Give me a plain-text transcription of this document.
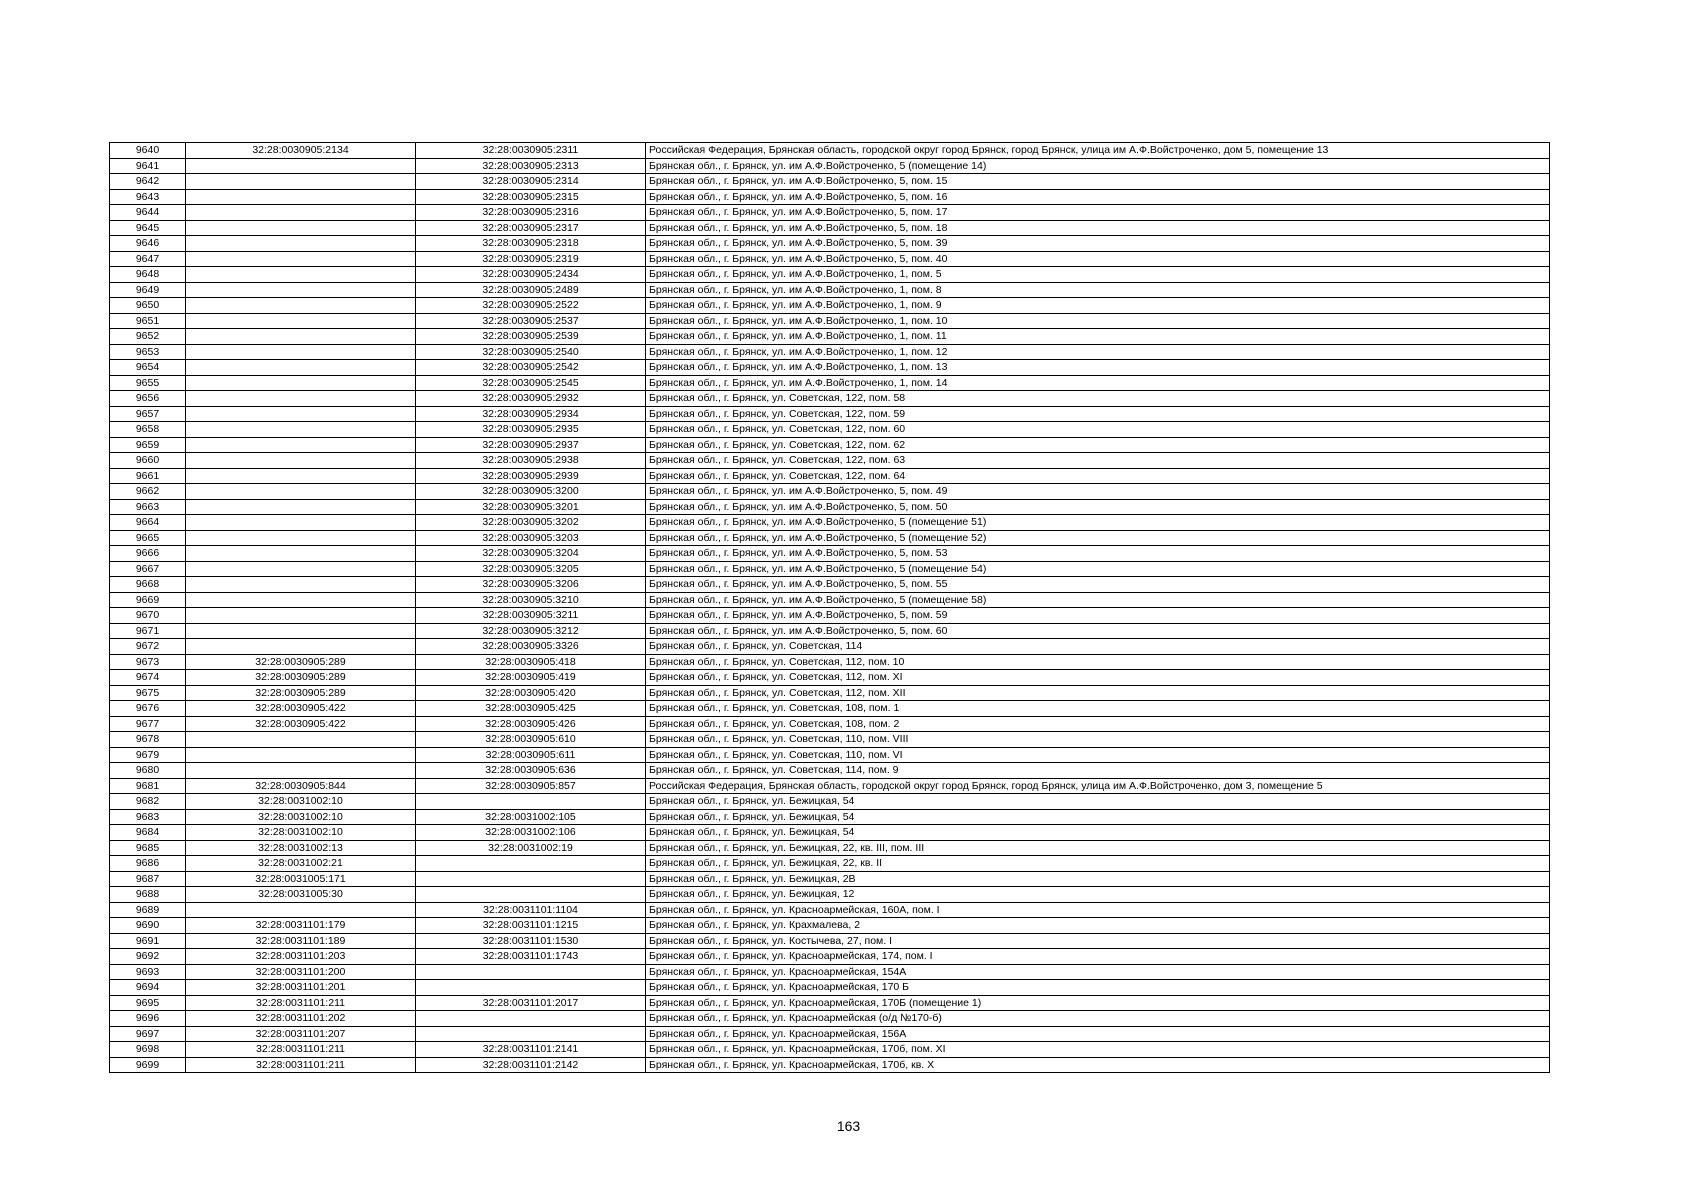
9640	32:28:0030905:2134	32:28:0030905:2311	Российская Федерация, Брянская область, городской округ город Брянск, город Брянск, улица им А.Ф.Войстроченко, дом 5, помещение 13
9641		32:28:0030905:2313	Брянская обл., г. Брянск, ул. им А.Ф.Войстроченко, 5 (помещение 14)
9642		32:28:0030905:2314	Брянская обл., г. Брянск, ул. им А.Ф.Войстроченко, 5, пом. 15
9643		32:28:0030905:2315	Брянская обл., г. Брянск, ул. им А.Ф.Войстроченко, 5, пом. 16
9644		32:28:0030905:2316	Брянская обл., г. Брянск, ул. им А.Ф.Войстроченко, 5, пом. 17
9645		32:28:0030905:2317	Брянская обл., г. Брянск, ул. им А.Ф.Войстроченко, 5, пом. 18
9646		32:28:0030905:2318	Брянская обл., г. Брянск, ул. им А.Ф.Войстроченко, 5, пом. 39
9647		32:28:0030905:2319	Брянская обл., г. Брянск, ул. им А.Ф.Войстроченко, 5, пом. 40
9648		32:28:0030905:2434	Брянская обл., г. Брянск, ул. им А.Ф.Войстроченко, 1, пом. 5
9649		32:28:0030905:2489	Брянская обл., г. Брянск, ул. им А.Ф.Войстроченко, 1, пом. 8
9650		32:28:0030905:2522	Брянская обл., г. Брянск, ул. им А.Ф.Войстроченко, 1, пом. 9
9651		32:28:0030905:2537	Брянская обл., г. Брянск, ул. им А.Ф.Войстроченко, 1, пом. 10
9652		32:28:0030905:2539	Брянская обл., г. Брянск, ул. им А.Ф.Войстроченко, 1, пом. 11
9653		32:28:0030905:2540	Брянская обл., г. Брянск, ул. им А.Ф.Войстроченко, 1, пом. 12
9654		32:28:0030905:2542	Брянская обл., г. Брянск, ул. им А.Ф.Войстроченко, 1, пом. 13
9655		32:28:0030905:2545	Брянская обл., г. Брянск, ул. им А.Ф.Войстроченко, 1, пом. 14
9656		32:28:0030905:2932	Брянская обл., г. Брянск, ул. Советская, 122, пом. 58
9657		32:28:0030905:2934	Брянская обл., г. Брянск, ул. Советская, 122, пом. 59
9658		32:28:0030905:2935	Брянская обл., г. Брянск, ул. Советская, 122, пом. 60
9659		32:28:0030905:2937	Брянская обл., г. Брянск, ул. Советская, 122, пом. 62
9660		32:28:0030905:2938	Брянская обл., г. Брянск, ул. Советская, 122, пом. 63
9661		32:28:0030905:2939	Брянская обл., г. Брянск, ул. Советская, 122, пом. 64
9662		32:28:0030905:3200	Брянская обл., г. Брянск, ул. им А.Ф.Войстроченко, 5, пом. 49
9663		32:28:0030905:3201	Брянская обл., г. Брянск, ул. им А.Ф.Войстроченко, 5, пом. 50
9664		32:28:0030905:3202	Брянская обл., г. Брянск, ул. им А.Ф.Войстроченко, 5 (помещение 51)
9665		32:28:0030905:3203	Брянская обл., г. Брянск, ул. им А.Ф.Войстроченко, 5 (помещение 52)
9666		32:28:0030905:3204	Брянская обл., г. Брянск, ул. им А.Ф.Войстроченко, 5, пом. 53
9667		32:28:0030905:3205	Брянская обл., г. Брянск, ул. им А.Ф.Войстроченко, 5 (помещение 54)
9668		32:28:0030905:3206	Брянская обл., г. Брянск, ул. им А.Ф.Войстроченко, 5, пом. 55
9669		32:28:0030905:3210	Брянская обл., г. Брянск, ул. им А.Ф.Войстроченко, 5 (помещение 58)
9670		32:28:0030905:3211	Брянская обл., г. Брянск, ул. им А.Ф.Войстроченко, 5, пом. 59
9671		32:28:0030905:3212	Брянская обл., г. Брянск, ул. им А.Ф.Войстроченко, 5, пом. 60
9672		32:28:0030905:3326	Брянская обл., г. Брянск, ул. Советская, 114
9673	32:28:0030905:289	32:28:0030905:418	Брянская обл., г. Брянск, ул. Советская, 112, пом. 10
9674	32:28:0030905:289	32:28:0030905:419	Брянская обл., г. Брянск, ул. Советская, 112, пом. XI
9675	32:28:0030905:289	32:28:0030905:420	Брянская обл., г. Брянск, ул. Советская, 112, пом. XII
9676	32:28:0030905:422	32:28:0030905:425	Брянская обл., г. Брянск, ул. Советская, 108, пом. 1
9677	32:28:0030905:422	32:28:0030905:426	Брянская обл., г. Брянск, ул. Советская, 108, пом. 2
9678		32:28:0030905:610	Брянская обл., г. Брянск, ул. Советская, 110, пом. VIII
9679		32:28:0030905:611	Брянская обл., г. Брянск, ул. Советская, 110, пом. VI
9680		32:28:0030905:636	Брянская обл., г. Брянск, ул. Советская, 114, пом. 9
9681	32:28:0030905:844	32:28:0030905:857	Российская Федерация, Брянская область, городской округ город Брянск, город Брянск, улица им А.Ф.Войстроченко, дом 3, помещение 5
9682	32:28:0031002:10		Брянская обл., г. Брянск, ул. Бежицкая, 54
9683	32:28:0031002:10	32:28:0031002:105	Брянская обл., г. Брянск, ул. Бежицкая, 54
9684	32:28:0031002:10	32:28:0031002:106	Брянская обл., г. Брянск, ул. Бежицкая, 54
9685	32:28:0031002:13	32:28:0031002:19	Брянская обл., г. Брянск, ул. Бежицкая, 22, кв. III, пом. III
9686	32:28:0031002:21		Брянская обл., г. Брянск, ул. Бежицкая, 22, кв. II
9687	32:28:0031005:171		Брянская обл., г. Брянск, ул. Бежицкая, 2В
9688	32:28:0031005:30		Брянская обл., г. Брянск, ул. Бежицкая, 12
9689		32:28:0031101:1104	Брянская обл., г. Брянск, ул. Красноармейская, 160А, пом. I
9690	32:28:0031101:179	32:28:0031101:1215	Брянская обл., г. Брянск, ул. Крахмалева, 2
9691	32:28:0031101:189	32:28:0031101:1530	Брянская обл., г. Брянск, ул. Костычева, 27, пом. I
9692	32:28:0031101:203	32:28:0031101:1743	Брянская обл., г. Брянск, ул. Красноармейская, 174, пом. I
9693	32:28:0031101:200		Брянская обл., г. Брянск, ул. Красноармейская, 154А
9694	32:28:0031101:201		Брянская обл., г. Брянск, ул. Красноармейская, 170 Б
9695	32:28:0031101:211	32:28:0031101:2017	Брянская обл., г. Брянск, ул. Красноармейская, 170Б (помещение 1)
9696	32:28:0031101:202		Брянская обл., г. Брянск, ул. Красноармейская (о/д №170-б)
9697	32:28:0031101:207		Брянская обл., г. Брянск, ул. Красноармейская, 156А
9698	32:28:0031101:211	32:28:0031101:2141	Брянская обл., г. Брянск, ул. Красноармейская, 170б, пом. XI
9699	32:28:0031101:211	32:28:0031101:2142	Брянская обл., г. Брянск, ул. Красноармейская, 170б, кв. X
163
